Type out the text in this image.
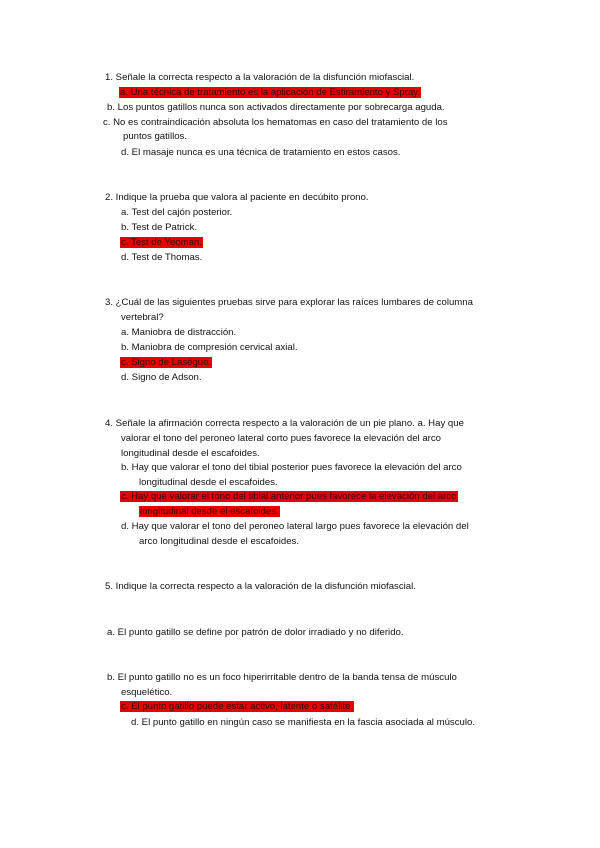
1. Señale la correcta respecto a la valoración de la disfunción miofascial.
a. Una técnica de tratamiento es la aplicación de Estiramiento y Spray.
b. Los puntos gatillos nunca son activados directamente por sobrecarga aguda.
c. No es contraindicación absoluta los hematomas en caso del tratamiento de los
puntos gatillos.
d. El masaje nunca es una técnica de tratamiento en estos casos.
2. Indique la prueba que valora al paciente en decúbito prono.
a. Test del cajón posterior.
b. Test de Patrick.
c. Test de Yeoman.
d. Test de Thomas.
3. ¿Cuál de las siguientes pruebas sirve para explorar las raíces lumbares de columna
vertebral?
a. Maniobra de distracción.
b. Maniobra de compresión cervical axial.
c. Signo de Lasègue.
d. Signo de Adson.
4. Señale la afirmación correcta respecto a la valoración de un pie plano. a. Hay que
valorar el tono del peroneo lateral corto pues favorece la elevación del arco
longitudinal desde el escafoides.
b. Hay que valorar el tono del tibial posterior pues favorece la elevación del arco
longitudinal desde el escafoides.
c. Hay que valorar el tono del tibial anterior pues favorece la elevación del arco
longitudinal desde el escafoides.
d. Hay que valorar el tono del peroneo lateral largo pues favorece la elevación del
arco longitudinal desde el escafoides.
5. Indique la correcta respecto a la valoración de la disfunción miofascial.
a. El punto gatillo se define por patrón de dolor irradiado y no diferido.
b. El punto gatillo no es un foco hiperirritable dentro de la banda tensa de músculo
esquelético.
c. El punto gatillo puede estar activo, latente o satélite.
d. El punto gatillo en ningún caso se manifiesta en la fascia asociada al músculo.
